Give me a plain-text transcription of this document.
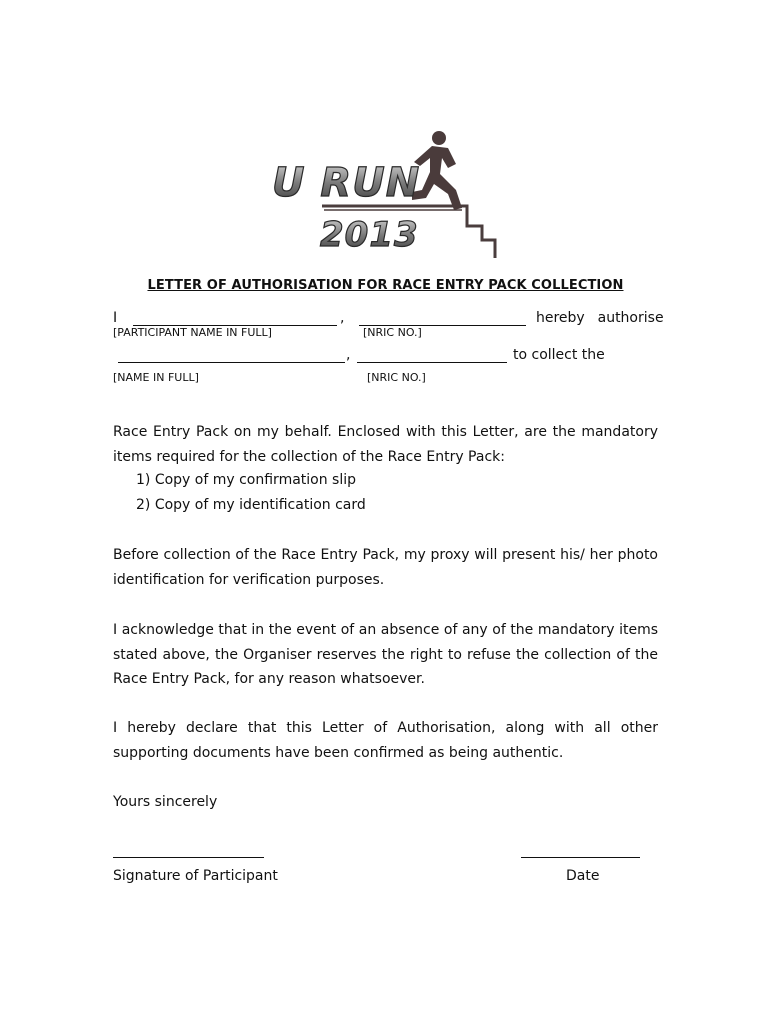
U RUN
2013
LETTER OF AUTHORISATION FOR RACE ENTRY PACK COLLECTION
I	,	hereby  authorise
[PARTICIPANT NAME IN FULL]	[NRIC NO.]
,	to collect the
[NAME IN FULL]	[NRIC NO.]
Race Entry Pack on my behalf. Enclosed with this Letter, are the mandatory items required for the collection of the Race Entry Pack:
1) Copy of my confirmation slip
2) Copy of my identification card
Before collection of the Race Entry Pack, my proxy will present his/ her photo identification for verification purposes.
I acknowledge that in the event of an absence of any of the mandatory items stated above, the Organiser reserves the right to refuse the collection of the Race Entry Pack, for any reason whatsoever.
I hereby declare that this Letter of Authorisation, along with all other supporting documents have been confirmed as being authentic.
Yours sincerely
Signature of Participant	Date
